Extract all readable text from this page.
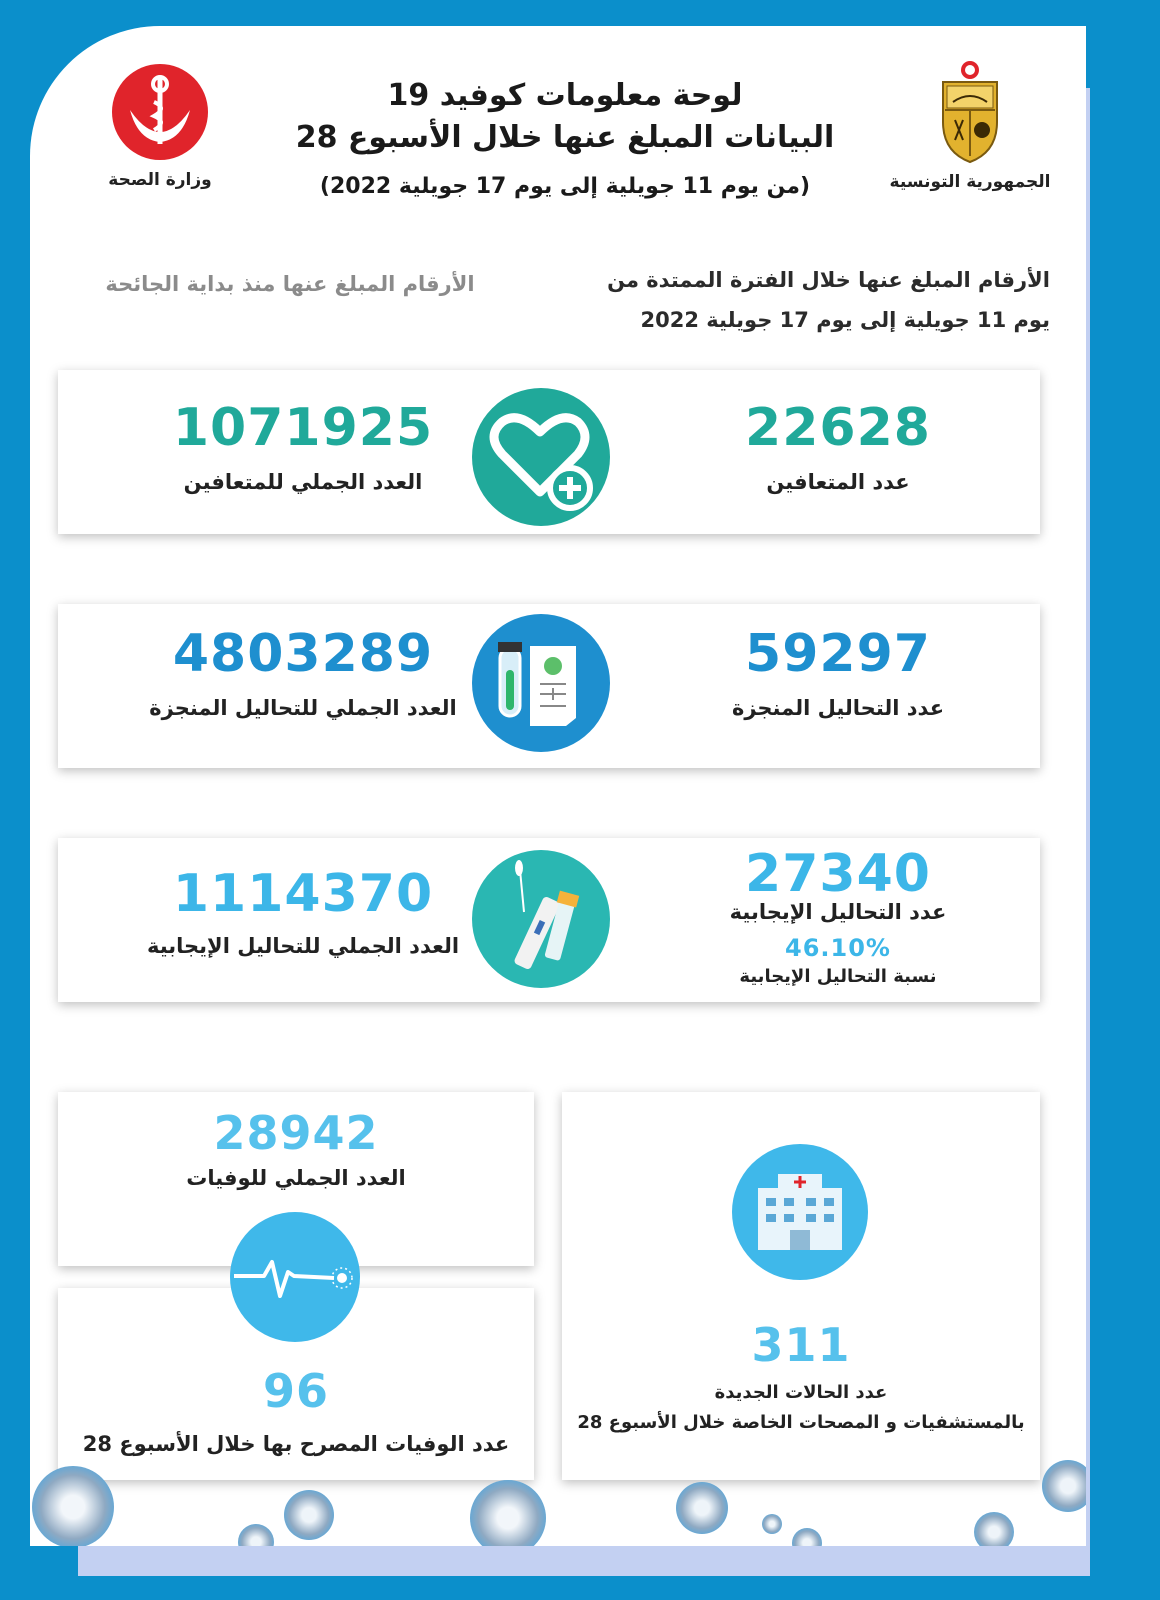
لوحة معلومات كوفيد 19
البيانات المبلغ عنها خلال الأسبوع 28
(من يوم 11 جويلية إلى يوم 17 جويلية 2022)	الجمهورية التونسية
وزارة الصحة
الأرقام المبلغ عنها خلال الفترة الممتدة من يوم 11 جويلية إلى يوم 17 جويلية 2022
الأرقام المبلغ عنها منذ بداية الجائحة
22628
عدد المتعافين
1071925
العدد الجملي للمتعافين
59297
عدد التحاليل المنجزة
4803289
العدد الجملي للتحاليل المنجزة
27340
عدد التحاليل الإيجابية
46.10%
نسبة التحاليل الإيجابية
1114370
العدد الجملي للتحاليل الإيجابية
28942
العدد الجملي للوفيات
96
عدد الوفيات المصرح بها خلال الأسبوع 28
311
عدد الحالات الجديدة
بالمستشفيات و المصحات الخاصة خلال الأسبوع 28
